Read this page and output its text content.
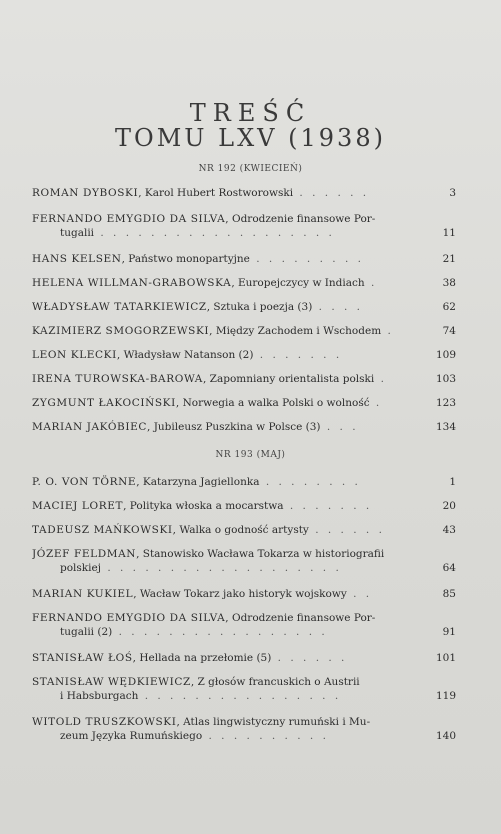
TREŚĆ
TOMU LXV (1938)
NR 192 (KWIECIEŃ)
ROMAN DYBOSKI, Karol Hubert Rostworowski . . . . . .	3
FERNANDO EMYGDIO DA SILVA, Odrodzenie finansowe Por-
tugalii . . . . . . . . . . . . . . . . . . .	11
HANS KELSEN, Państwo monopartyjne . . . . . . . . .	21
HELENA WILLMAN-GRABOWSKA, Europejczycy w Indiach .	38
WŁADYSŁAW TATARKIEWICZ, Sztuka i poezja (3) . . . .	62
KAZIMIERZ SMOGORZEWSKI, Między Zachodem i Wschodem .	74
LEON KLECKI, Władysław Natanson (2) . . . . . . .	109
IRENA TUROWSKA-BAROWA, Zapomniany orientalista polski .	103
ZYGMUNT ŁAKOCIŃSKI, Norwegia a walka Polski o wolność .	123
MARIAN JAKÓBIEC, Jubileusz Puszkina w Polsce (3) . . .	134
NR 193 (MAJ)
P. O. VON TÖRNE, Katarzyna Jagiellonka . . . . . . . .	1
MACIEJ LORET, Polityka włoska a mocarstwa . . . . . . .	20
TADEUSZ MAŃKOWSKI, Walka o godność artysty . . . . . .	43
JÓZEF FELDMAN, Stanowisko Wacława Tokarza w historiografii
polskiej . . . . . . . . . . . . . . . . . . .	64
MARIAN KUKIEL, Wacław Tokarz jako historyk wojskowy . .	85
FERNANDO EMYGDIO DA SILVA, Odrodzenie finansowe Por-
tugalii (2) . . . . . . . . . . . . . . . . .	91
STANISŁAW ŁOŚ, Hellada na przełomie (5) . . . . . .	101
STANISŁAW WĘDKIEWICZ, Z głosów francuskich o Austrii
i Habsburgach . . . . . . . . . . . . . . . .	119
WITOLD TRUSZKOWSKI, Atlas lingwistyczny rumuński i Mu-
zeum Języka Rumuńskiego . . . . . . . . . .	140
